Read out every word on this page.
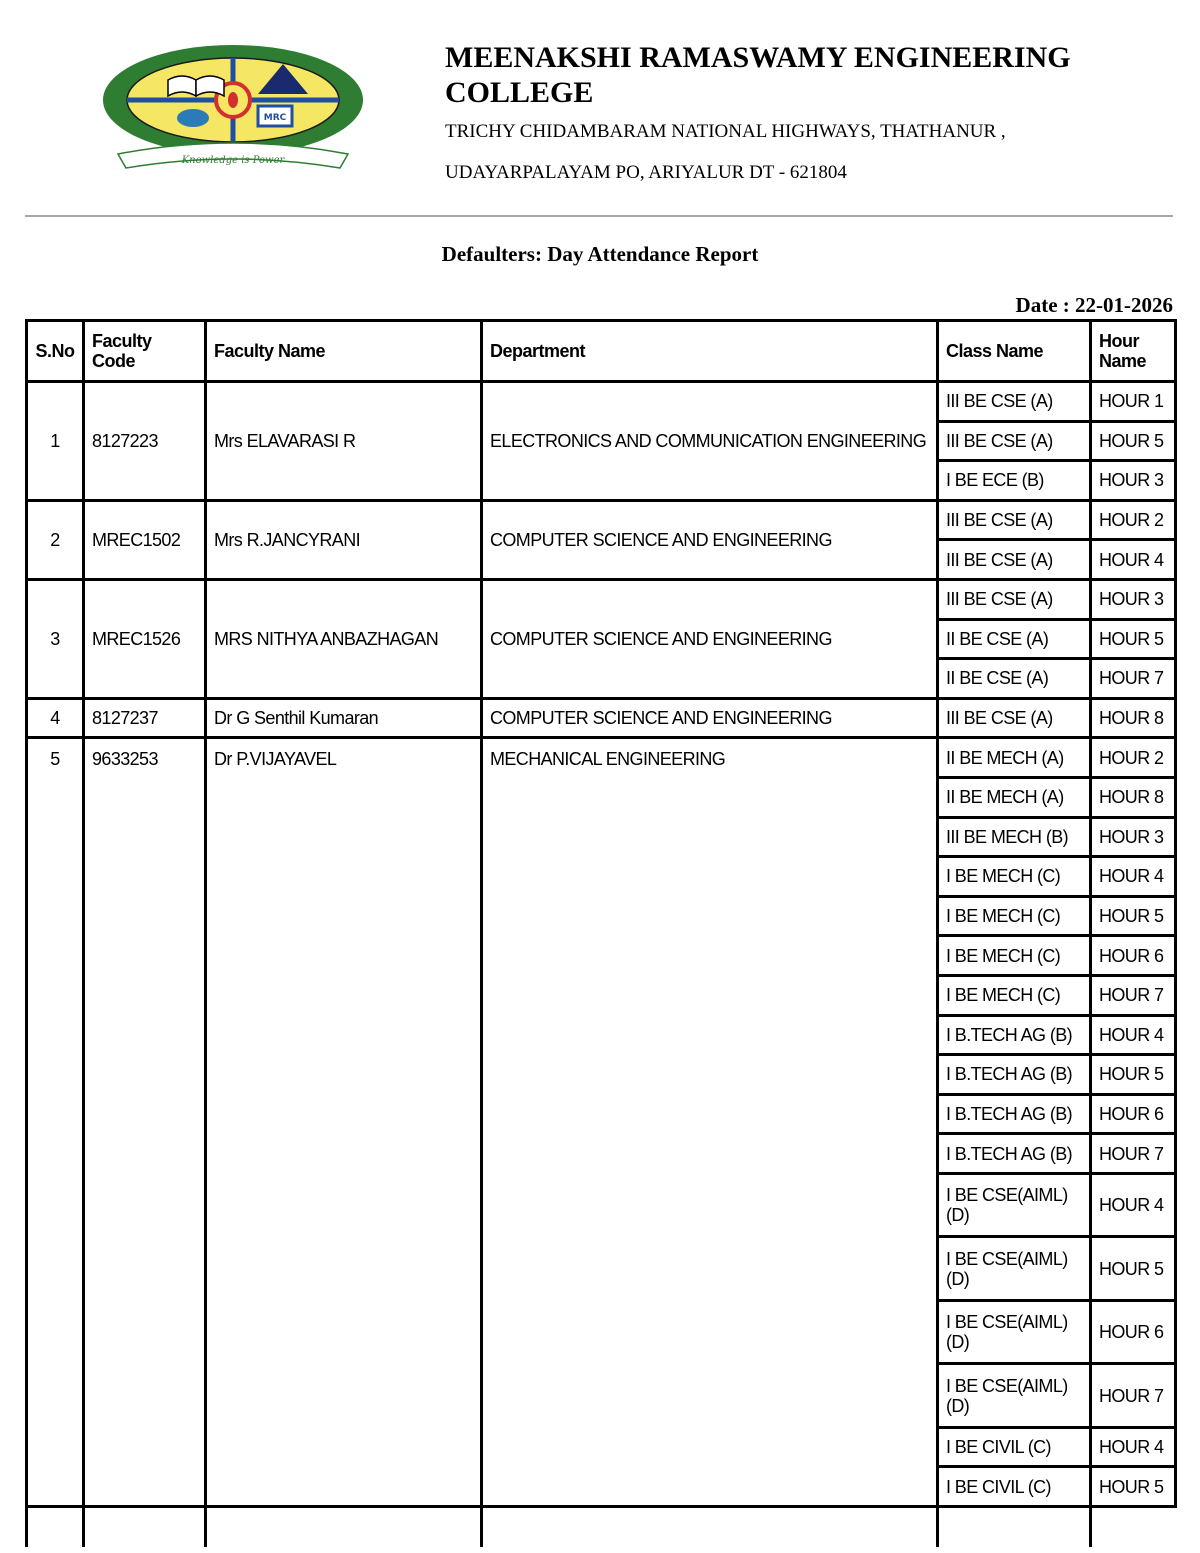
MRC
Knowledge is Power
MEENAKSHI RAMASWAMY ENGINEERING COLLEGE

TRICHY CHIDAMBARAM NATIONAL HIGHWAYS, THATHANUR ,

UDAYARPALAYAM PO, ARIYALUR DT - 621804

Defaulters: Day Attendance Report
Date : 22-01-2026
S.No	Faculty Code	Faculty Name	Department	Class Name	Hour Name
1	8127223	Mrs ELAVARASI R	ELECTRONICS AND COMMUNICATION ENGINEERING	III BE CSE (A)	HOUR 1
				III BE CSE (A)	HOUR 5
				I BE ECE (B)	HOUR 3
2	MREC1502	Mrs R.JANCYRANI	COMPUTER SCIENCE AND ENGINEERING	III BE CSE (A)	HOUR 2
				III BE CSE (A)	HOUR 4
3	MREC1526	MRS NITHYA ANBAZHAGAN	COMPUTER SCIENCE AND ENGINEERING	III BE CSE (A)	HOUR 3
				II BE CSE (A)	HOUR 5
				II BE CSE (A)	HOUR 7
4	8127237	Dr G Senthil Kumaran	COMPUTER SCIENCE AND ENGINEERING	III BE CSE (A)	HOUR 8
5	9633253	Dr P.VIJAYAVEL	MECHANICAL ENGINEERING	II BE MECH (A)	HOUR 2
				II BE MECH (A)	HOUR 8
				III BE MECH (B)	HOUR 3
				I BE MECH (C)	HOUR 4
				I BE MECH (C)	HOUR 5
				I BE MECH (C)	HOUR 6
				I BE MECH (C)	HOUR 7
				I B.TECH AG (B)	HOUR 4
				I B.TECH AG (B)	HOUR 5
				I B.TECH AG (B)	HOUR 6
				I B.TECH AG (B)	HOUR 7
				I BE CSE(AIML) (D)	HOUR 4
				I BE CSE(AIML) (D)	HOUR 5
				I BE CSE(AIML) (D)	HOUR 6
				I BE CSE(AIML) (D)	HOUR 7
				I BE CIVIL (C)	HOUR 4
				I BE CIVIL (C)	HOUR 5
